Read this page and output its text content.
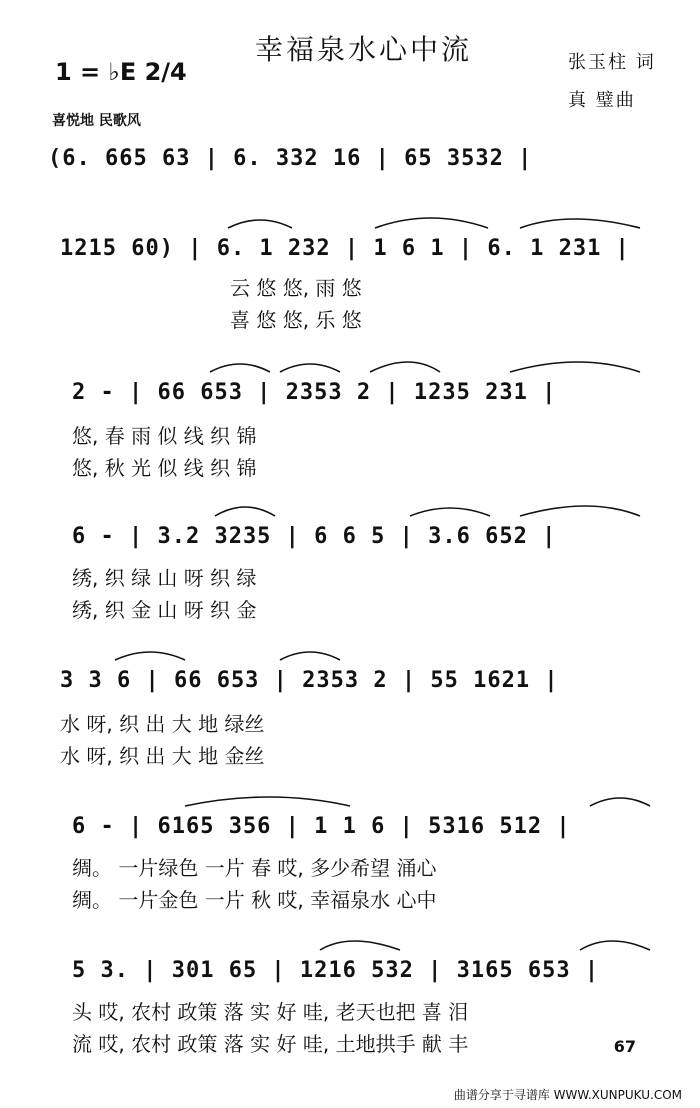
幸福泉水心中流	张玉柱 词
真 璧曲
1 = ♭E 2/4
喜悦地 民歌风
(6. 665 63 | 6. 332 16 | 65 3532 |
1215 60) | 6. 1 232 | 1 6 1 | 6. 1 231 |
云 悠 悠, 雨 悠
喜 悠 悠, 乐 悠
2 - | 66 653 | 2353 2 | 1235 231 |
悠, 春 雨 似 线 织 锦
悠, 秋 光 似 线 织 锦
6 - | 3.2 3235 | 6 6 5 | 3.6 652 |
绣, 织 绿 山 呀 织 绿
绣, 织 金 山 呀 织 金
3 3 6 | 66 653 | 2353 2 | 55 1621 |
水 呀, 织 出 大 地 绿丝
水 呀, 织 出 大 地 金丝
6 - | 6165 356 | 1 1 6 | 5316 512 |
绸。 一片绿色 一片 春 哎, 多少希望 涌心
绸。 一片金色 一片 秋 哎, 幸福泉水 心中
5 3. | 301 65 | 1216 532 | 3165 653 |
头 哎, 农村 政策 落 实 好 哇, 老天也把 喜 泪
流 哎, 农村 政策 落 实 好 哇, 土地拱手 献 丰	67
曲谱分享于寻谱库 WWW.XUNPUKU.COM
